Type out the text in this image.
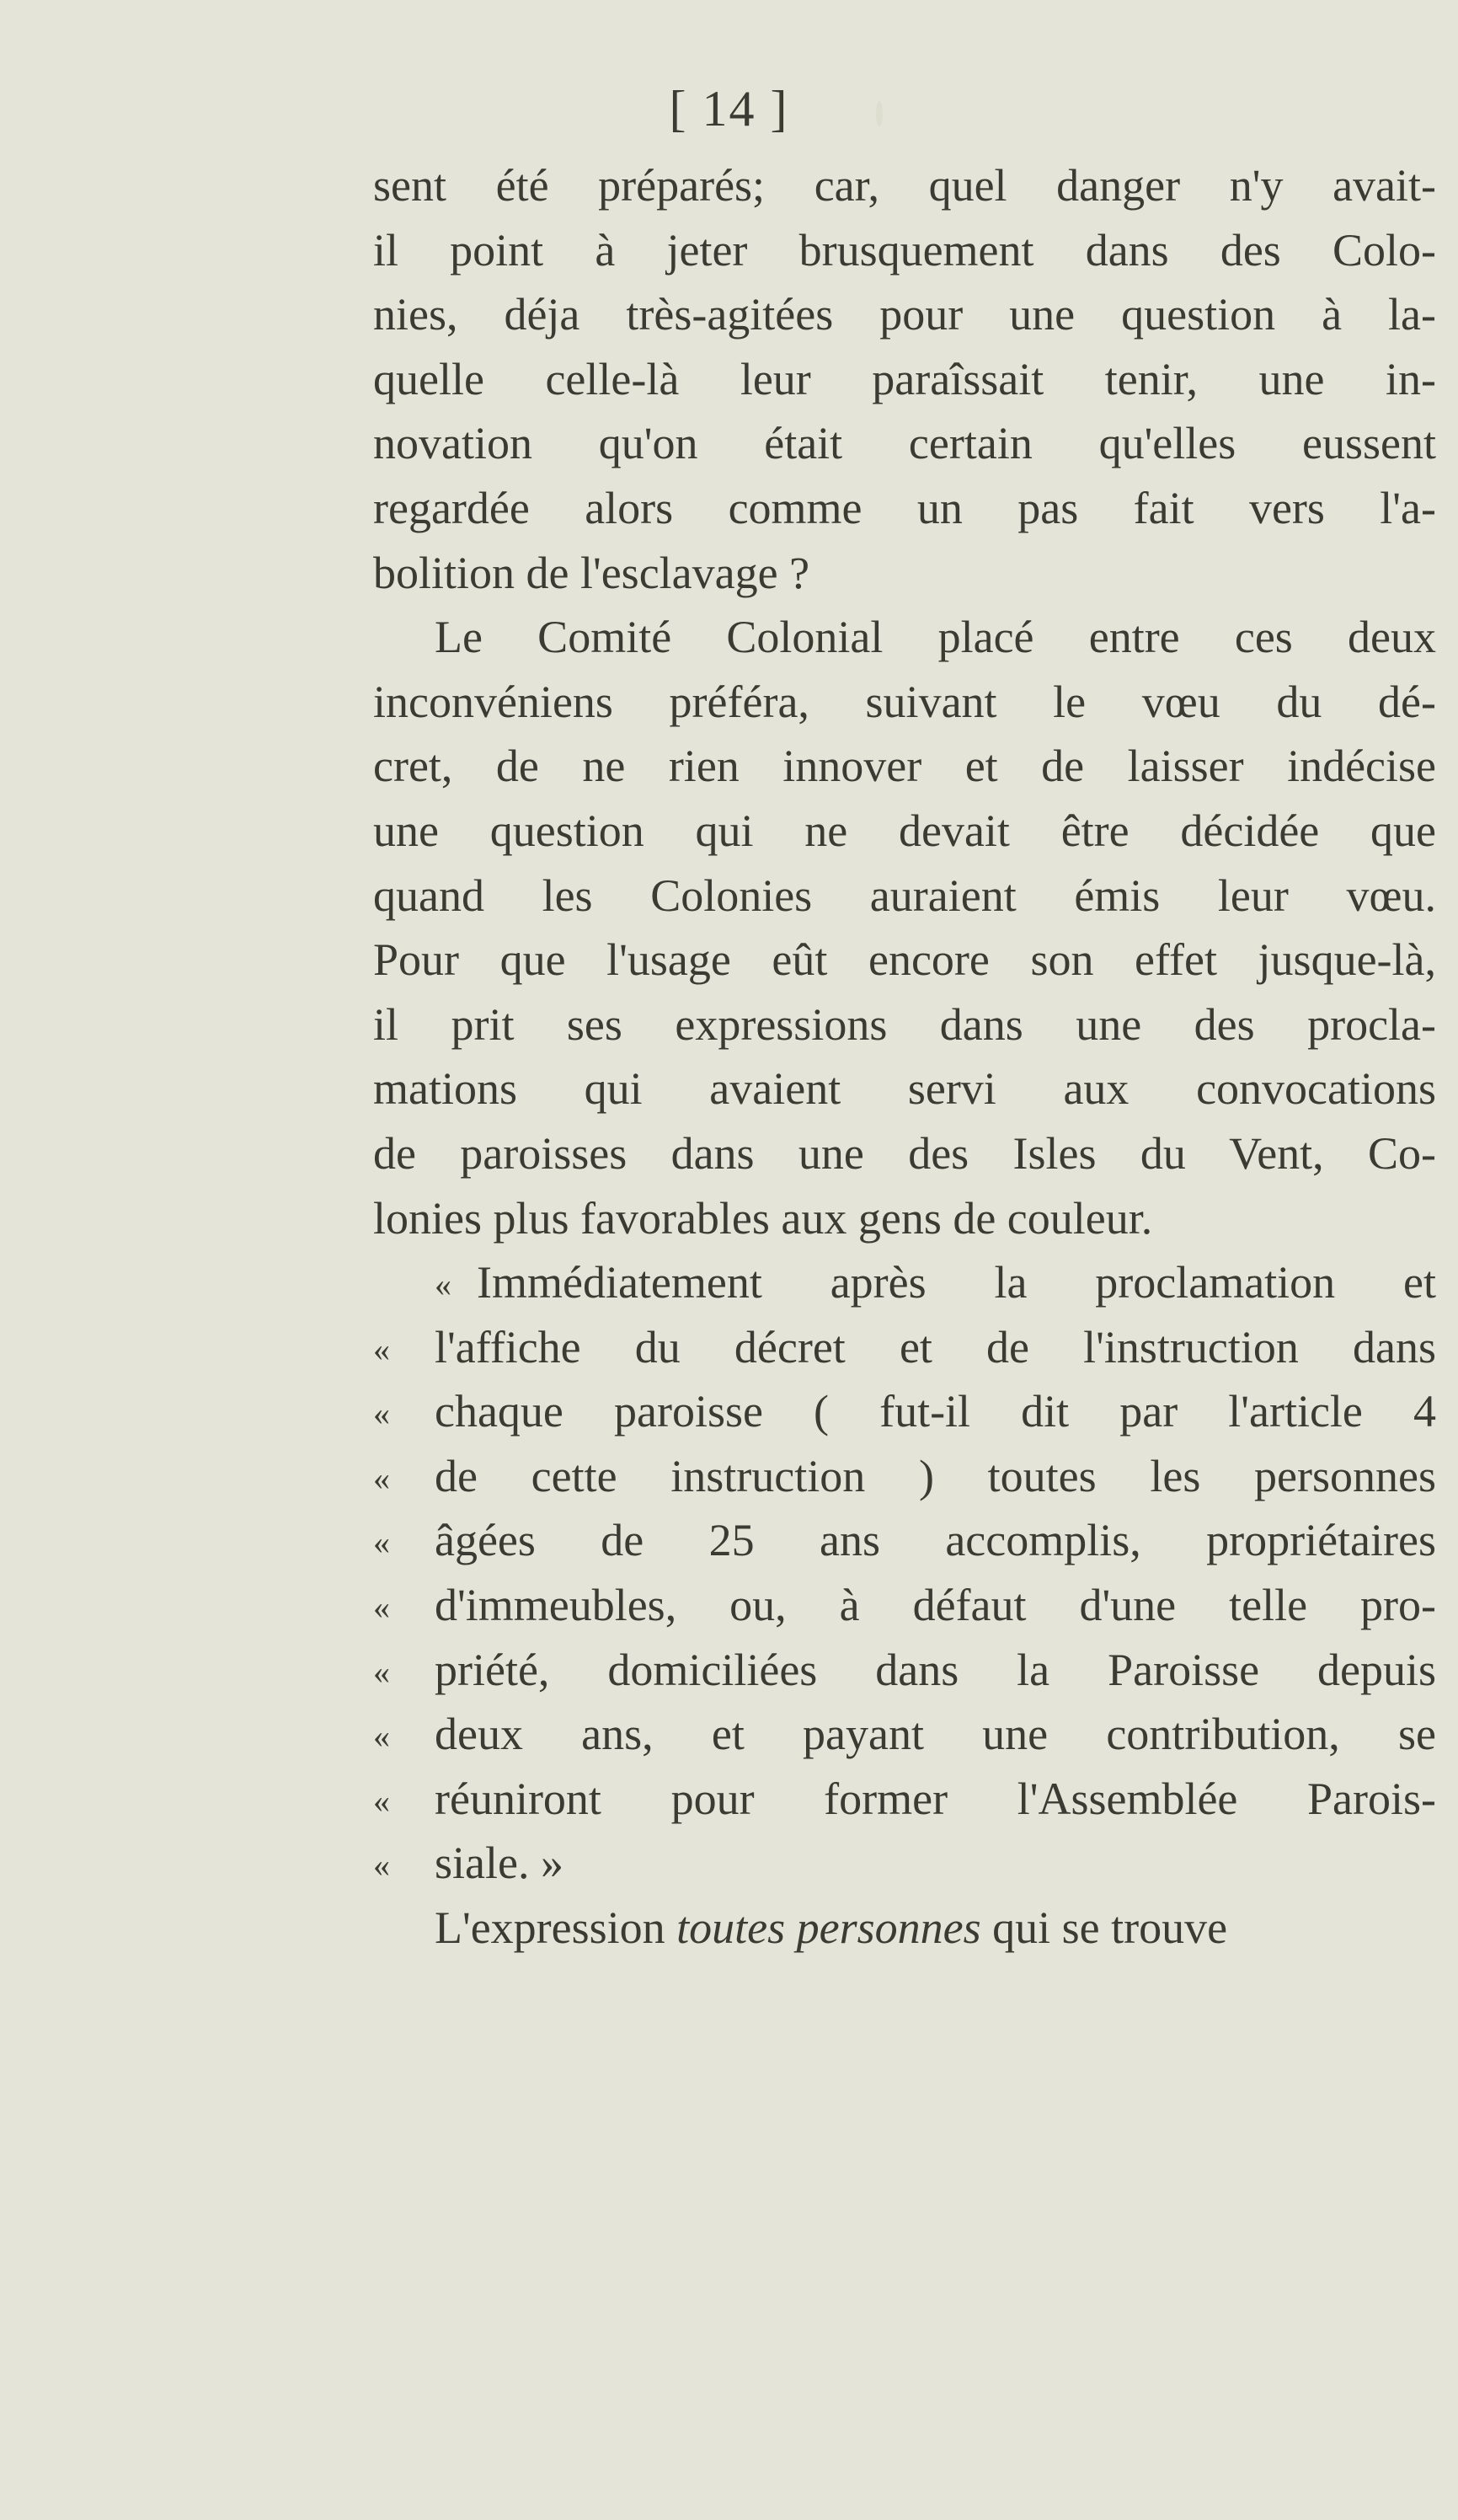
[ 14 ]
sent été préparés; car, quel danger n'y avait-
il point à jeter brusquement dans des Colo-
nies, déja très-agitées pour une question à la-
quelle celle-là leur paraîssait tenir, une in-
novation qu'on était certain qu'elles eussent
regardée alors comme un pas fait vers l'a-
bolition de l'esclavage ?
Le Comité Colonial placé entre ces deux
inconvéniens préféra, suivant le vœu du dé-
cret, de ne rien innover et de laisser indécise
une question qui ne devait être décidée que
quand les Colonies auraient émis leur vœu.
Pour que l'usage eût encore son effet jusque-là,
il prit ses expressions dans une des procla-
mations qui avaient servi aux convocations
de paroisses dans une des Isles du Vent, Co-
lonies plus favorables aux gens de couleur.
« Immédiatement après la proclamation et
« l'affiche du décret et de l'instruction dans
« chaque paroisse ( fut-il dit par l'article 4
« de cette instruction ) toutes les personnes
« âgées de 25 ans accomplis, propriétaires
« d'immeubles, ou, à défaut d'une telle pro-
« priété, domiciliées dans la Paroisse depuis
« deux ans, et payant une contribution, se
« réuniront pour former l'Assemblée Parois-
« siale. »
L'expression toutes personnes qui se trouve
